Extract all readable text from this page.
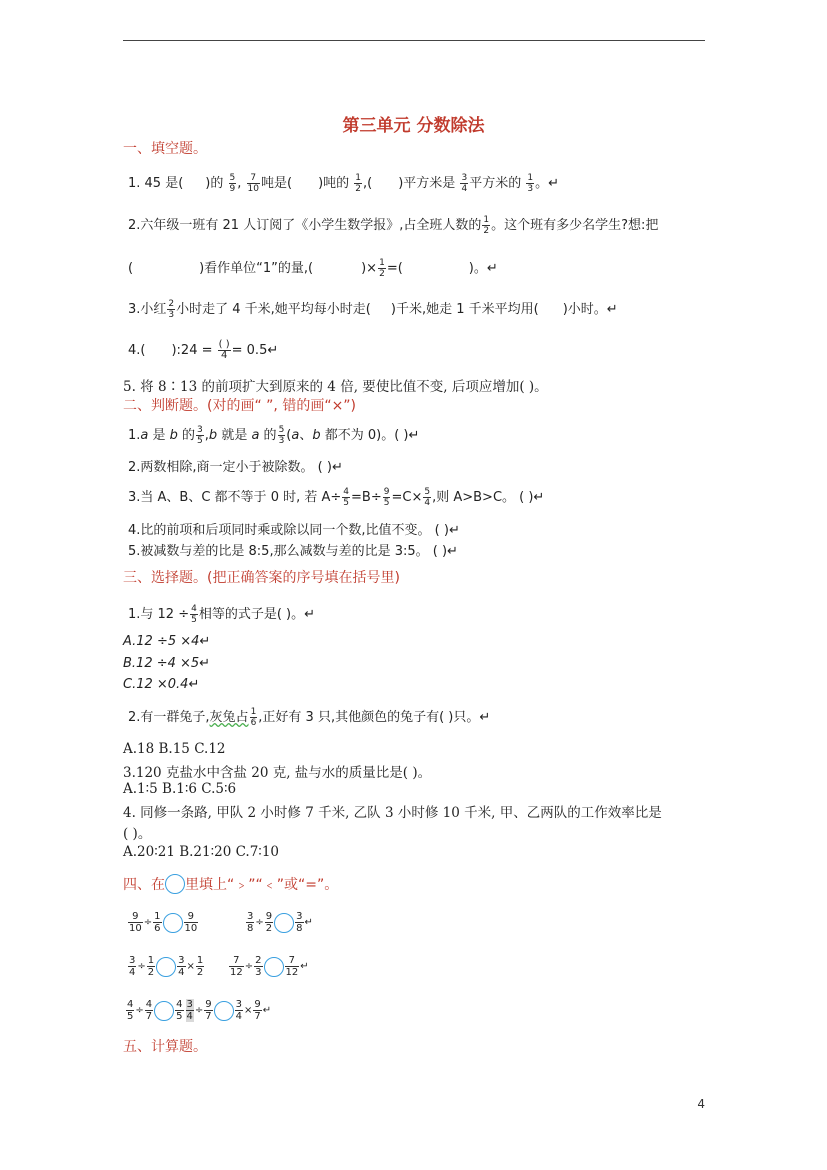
第三单元 分数除法
一、填空题。
1. 45 是( )的 $\frac{5}{9}$ , $\frac{7}{10}$ 吨是( )吨的 $\frac{1}{2}$ ,( )平方米是 $\frac{3}{4}$ 平方米的 $\frac{1}{3}$ 。↵
2.六年级一班有 21 人订阅了《小学生数学报》,占全班人数的 $\frac{1}{2}$ 。这个班有多少名学生?想:把
(	)看作单位“1”的量,(	)× $\frac{1}{2}$ =(	)。↵
3.小红 $\frac{2}{3}$ 小时走了 4 千米,她平均每小时走( )千米,她走 1 千米平均用( )小时。↵
4.( ):24 = $\frac{( )}{4}$ = 0.5↵
5. 将 8∶13 的前项扩大到原来的 4 倍, 要使比值不变, 后项应增加( )。
二、判断题。(对的画“ ”, 错的画“×”)
1.a 是 b 的 $\frac{3}{5} ,b$ 就是 a 的 $\frac{5}{3} (a$、b 都不为 0)。( )↵
2.两数相除,商一定小于被除数。 ( )↵
3.当 A、B、C 都不等于 0 时, 若 $A\div \frac{4}{5} =B\div \frac{9}{5} =C\times \frac{5}{4}$ ,则 A>B>C。 ( )↵
4.比的前项和后项同时乘或除以同一个数,比值不变。 ( )↵
5.被减数与差的比是 8:5,那么减数与差的比是 3:5。 ( )↵
三、选择题。(把正确答案的序号填在括号里)
1.与 $12 \div \frac{4}{5}$ 相等的式子是( )。↵
A.12 ÷5 ×4↵
B.12 ÷4 ×5↵
C.12 ×0.4↵
2.有一群兔子,灰兔占 $\frac{1}{6}$ ,正好有 3 只,其他颜色的兔子有( )只。↵
A.18 B.15 C.12
3.120 克盐水中含盐 20 克, 盐与水的质量比是( )。
A.1∶5 B.1∶6 C.5∶6
4. 同修一条路, 甲队 2 小时修 7 千米, 乙队 3 小时修 10 千米, 甲、乙两队的工作效率比是
( )。
A.20∶21 B.21∶20 C.7∶10
四、在 里填上“﹥”“﹤”或“=”。
$\frac{9}{10} \div \frac{1}{6} \frac{9}{10}$	$\frac{3}{8} \div \frac{9}{2} \frac{3}{8}$ ↵
$\frac{3}{4} \div \frac{1}{2} \frac{3}{4} \times \frac{1}{2} \frac{7}{12} \div \frac{2}{3} \frac{7}{12}$ ↵
$\frac{4}{5} \div \frac{4}{7} \frac{4}{5} \frac{3}{4} \div \frac{9}{7} \frac{3}{4} \times \frac{9}{7}$ ↵
五、计算题。
4
